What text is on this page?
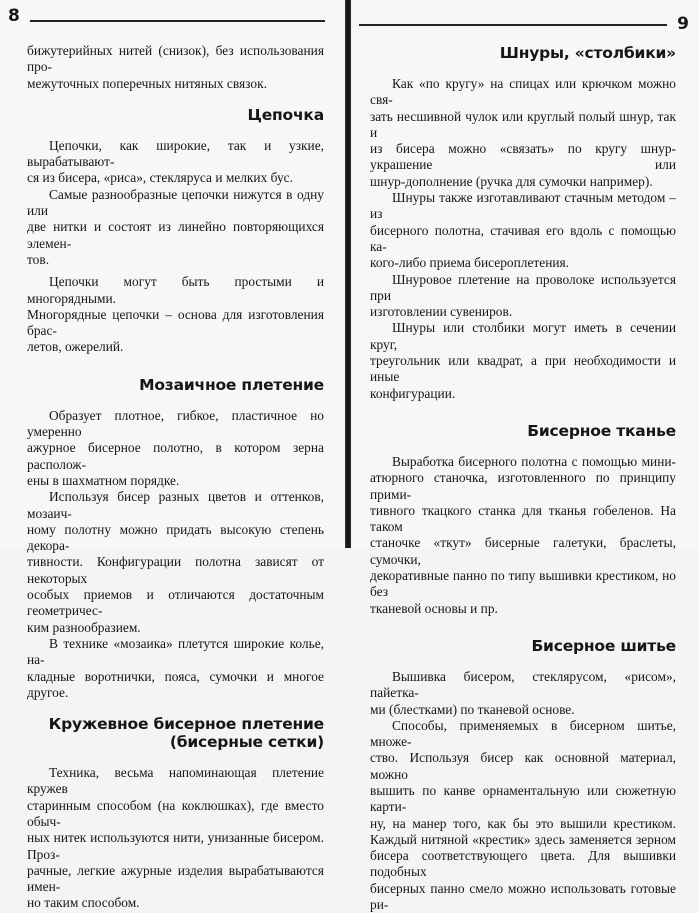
8

бижутерийных нитей (снизок), без использования про-

межуточных поперечных нитяных связок.

Цепочка

Цепочки, как широкие, так и узкие, вырабатывают-

ся из бисера, «риса», стекляруса и мелких бус.

Самые разнообразные цепочки нижутся в одну или

две нитки и состоят из линейно повторяющихся элемен-

тов.

Цепочки могут быть простыми и многорядными.

Многорядные цепочки – основа для изготовления брас-

летов, ожерелий.

Мозаичное плетение

Образует плотное, гибкое, пластичное но умеренно

ажурное бисерное полотно, в котором зерна располож-

ены в шахматном порядке.

Используя бисер разных цветов и оттенков, мозаич-

ному полотну можно придать высокую степень декора-

тивности. Конфигурации полотна зависят от некоторых

особых приемов и отличаются достаточным геометричес-

ким разнообразием.

В технике «мозаика» плетутся широкие колье, на-

кладные воротнички, пояса, сумочки и многое другое.

Кружевное бисерное плетение
(бисерные сетки)

Техника, весьма напоминающая плетение кружев

старинным способом (на коклюшках), где вместо обыч-

ных нитек используются нити, унизанные бисером. Проз-

рачные, легкие ажурные изделия вырабатываются имен-

но таким способом.

9
Шнуры, «столбики»

Как «по кругу» на спицах или крючком можно свя-

зать несшивной чулок или круглый полый шнур, так и

из бисера можно «связать» по кругу шнур-украшение или

шнур-дополнение (ручка для сумочки например).

Шнуры также изготавливают стачным методом – из

бисерного полотна, стачивая его вдоль с помощью ка-

кого-либо приема бисероплетения.

Шнуровое плетение на проволоке используется при

изготовлении сувениров.

Шнуры или столбики могут иметь в сечении круг,

треугольник или квадрат, а при необходимости и иные

конфигурации.

Бисерное тканье

Выработка бисерного полотна с помощью мини-

атюрного станочка, изготовленного по принципу прими-

тивного ткацкого станка для тканья гобеленов. На таком

станочке «ткут» бисерные галетуки, браслеты, сумочки,

декоративные панно по типу вышивки крестиком, но без

тканевой основы и пр.

Бисерное шитье

Вышивка бисером, стеклярусом, «рисом», пайетка-

ми (блестками) по тканевой основе.

Способы, применяемых в бисерном шитье, множе-

ство. Используя бисер как основной материал, можно

вышить по канве орнаментальную или сюжетную карти-

ну, на манер того, как бы это вышили крестиком.

Каждый нитяной «крестик» здесь заменяется зерном

бисера соответствующего цвета. Для вышивки подобных

бисерных панно смело можно использовать готовые ри-
